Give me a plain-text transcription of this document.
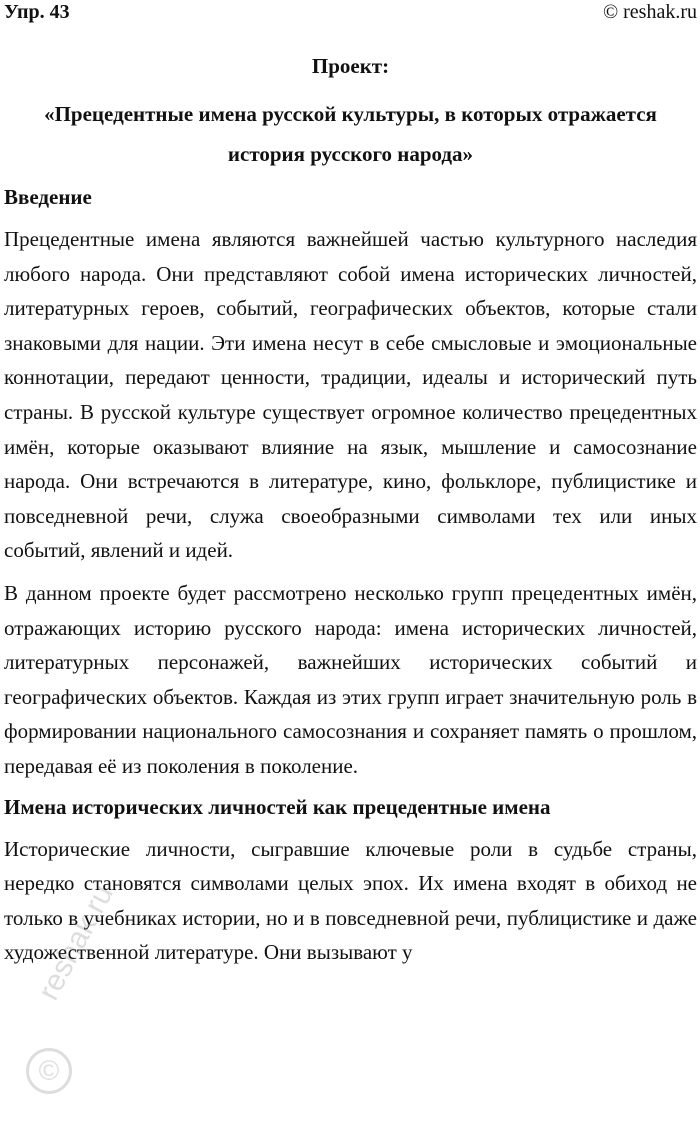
Упр. 43	© reshak.ru
Проект:
«Прецедентные имена русской культуры, в которых отражается история русского народа»
Введение

Прецедентные имена являются важнейшей частью культурного наследия любого народа. Они представляют собой имена исторических личностей, литературных героев, событий, географических объектов, которые стали знаковыми для нации. Эти имена несут в себе смысловые и эмоциональные коннотации, передают ценности, традиции, идеалы и исторический путь страны. В русской культуре существует огромное количество прецедентных имён, которые оказывают влияние на язык, мышление и самосознание народа. Они встречаются в литературе, кино, фольклоре, публицистике и повседневной речи, служа своеобразными символами тех или иных событий, явлений и идей.

В данном проекте будет рассмотрено несколько групп прецедентных имён, отражающих историю русского народа: имена исторических личностей, литературных персонажей, важнейших исторических событий и географических объектов. Каждая из этих групп играет значительную роль в формировании национального самосознания и сохраняет память о прошлом, передавая её из поколения в поколение.

Имена исторических личностей как прецедентные имена

Исторические личности, сыгравшие ключевые роли в судьбе страны, нередко становятся символами целых эпох. Их имена входят в обиход не только в учебниках истории, но и в повседневной речи, публицистике и даже художественной литературе. Они вызывают у

reshak.ru
©
